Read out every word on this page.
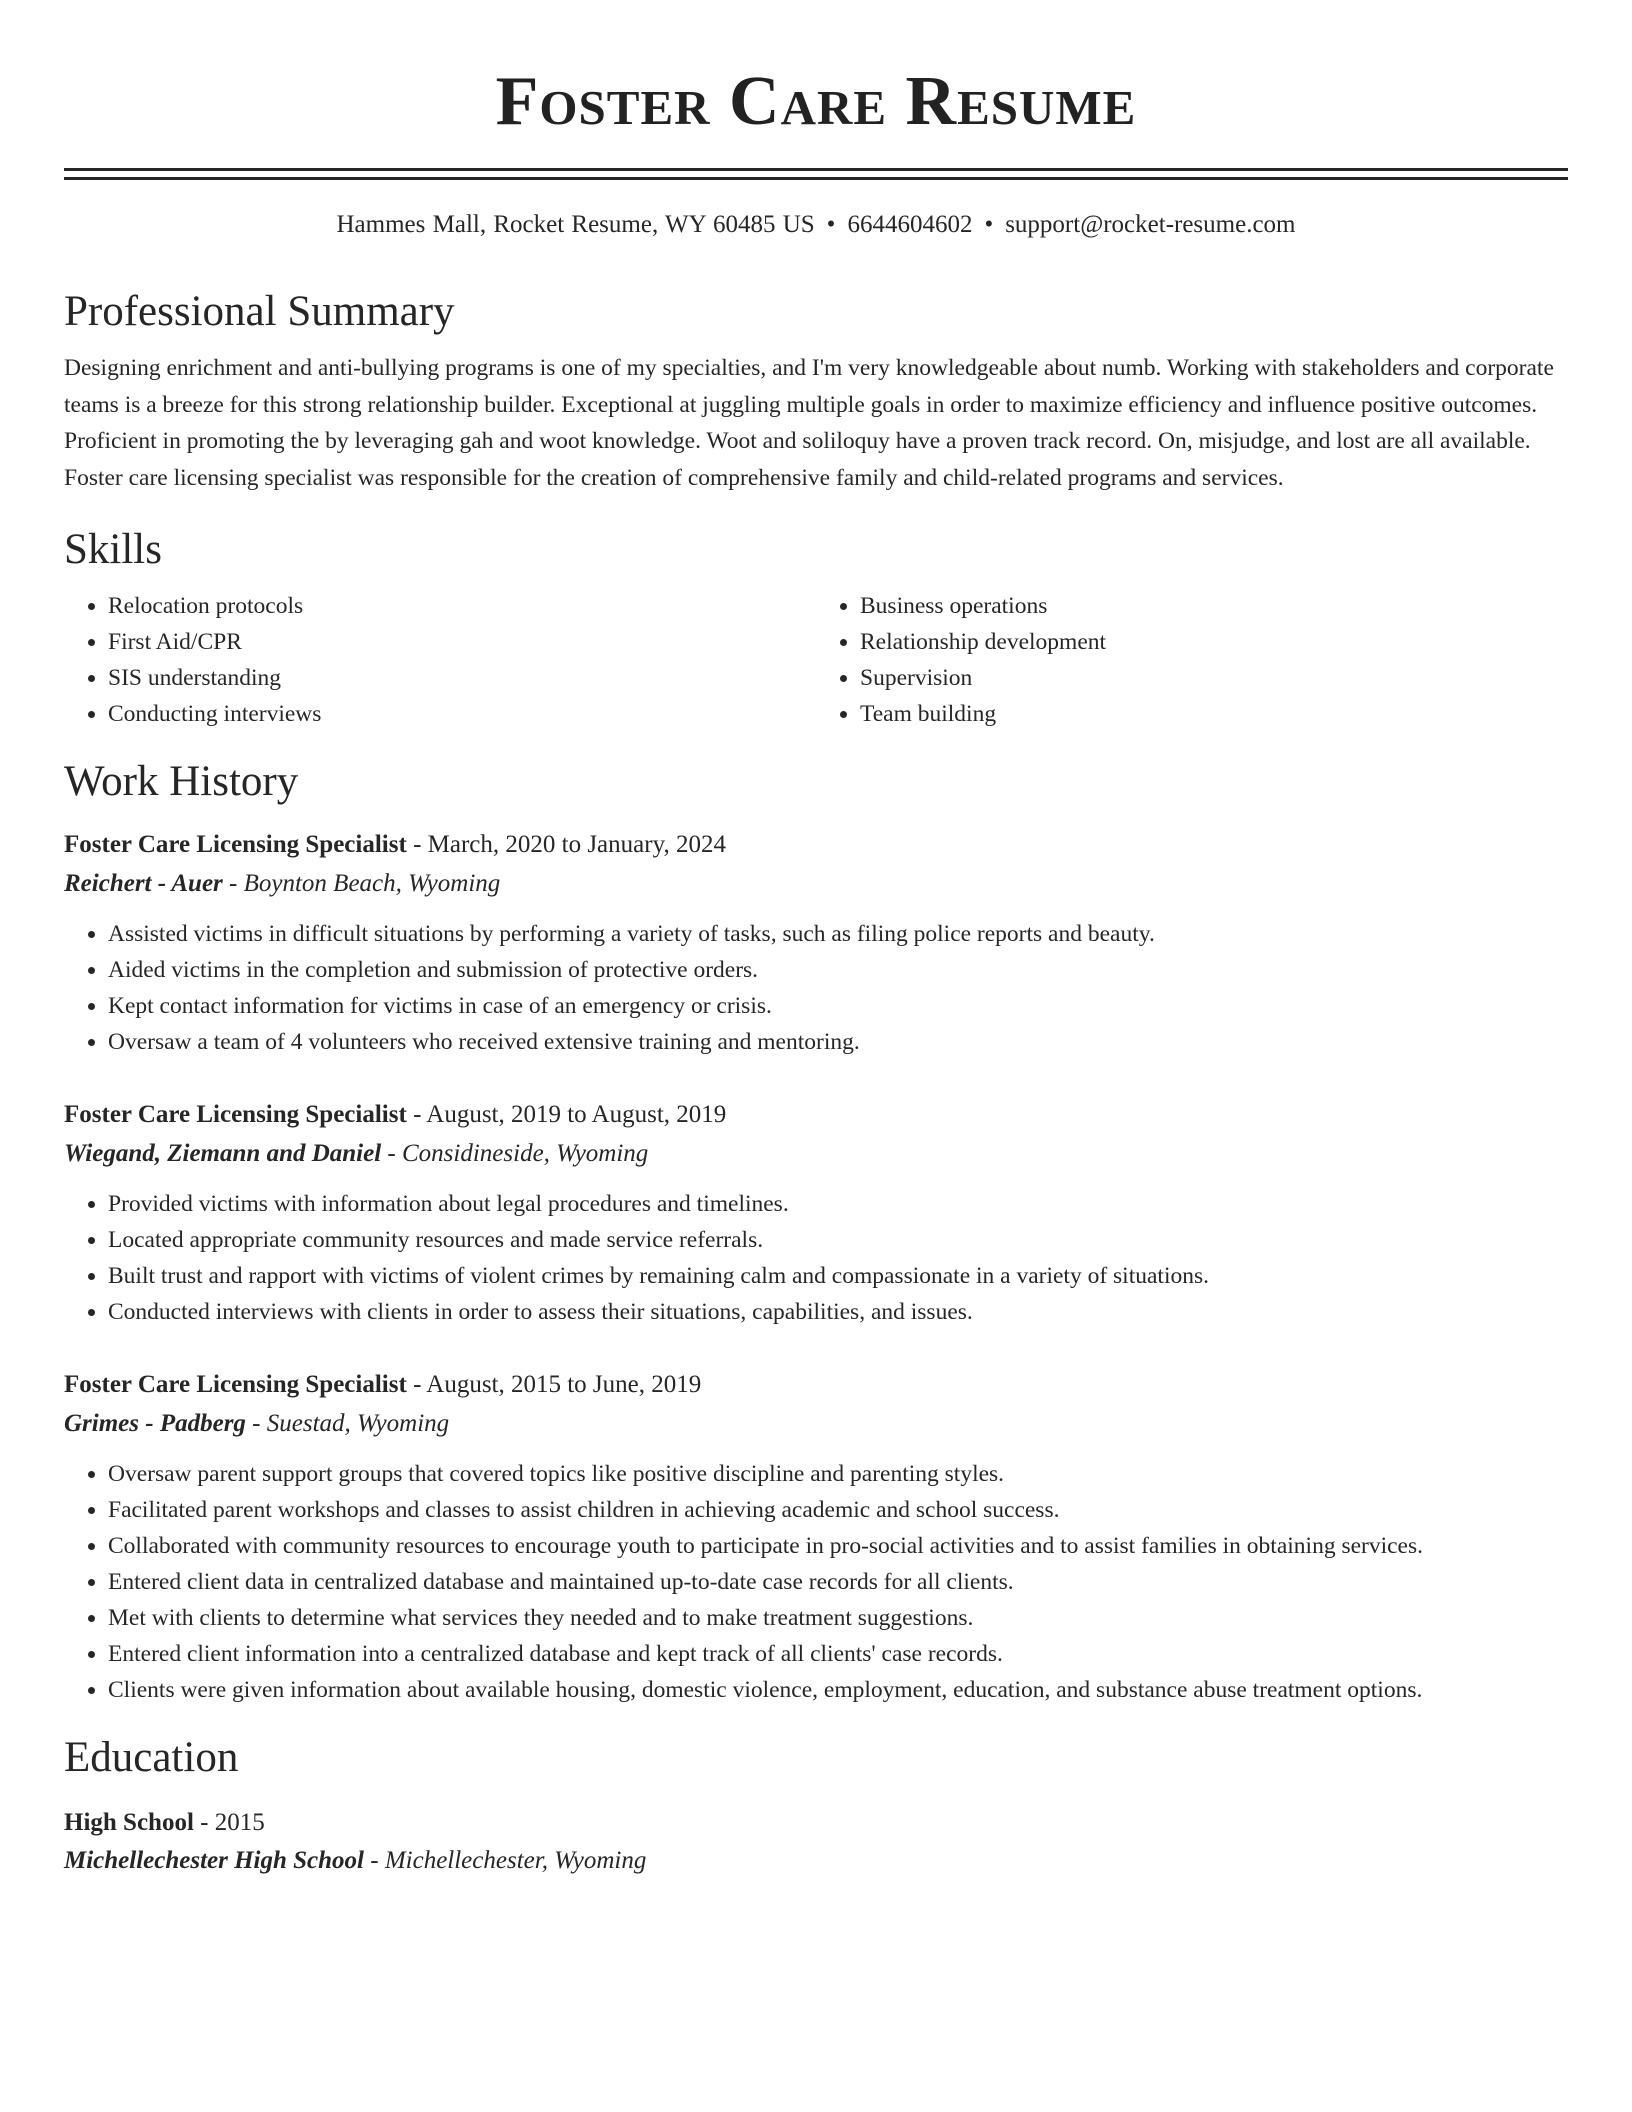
Foster Care Resume
Hammes Mall, Rocket Resume, WY 60485 US • 6644604602 • support@rocket-resume.com
Professional Summary
Designing enrichment and anti-bullying programs is one of my specialties, and I'm very knowledgeable about numb. Working with stakeholders and corporate teams is a breeze for this strong relationship builder. Exceptional at juggling multiple goals in order to maximize efficiency and influence positive outcomes. Proficient in promoting the by leveraging gah and woot knowledge. Woot and soliloquy have a proven track record. On, misjudge, and lost are all available. Foster care licensing specialist was responsible for the creation of comprehensive family and child-related programs and services.
Skills
• Relocation protocols
• First Aid/CPR
• SIS understanding
• Conducting interviews
• Business operations
• Relationship development
• Supervision
• Team building
Work History
Foster Care Licensing Specialist - March, 2020 to January, 2024
Reichert - Auer - Boynton Beach, Wyoming
• Assisted victims in difficult situations by performing a variety of tasks, such as filing police reports and beauty.
• Aided victims in the completion and submission of protective orders.
• Kept contact information for victims in case of an emergency or crisis.
• Oversaw a team of 4 volunteers who received extensive training and mentoring.
Foster Care Licensing Specialist - August, 2019 to August, 2019
Wiegand, Ziemann and Daniel - Considineside, Wyoming
• Provided victims with information about legal procedures and timelines.
• Located appropriate community resources and made service referrals.
• Built trust and rapport with victims of violent crimes by remaining calm and compassionate in a variety of situations.
• Conducted interviews with clients in order to assess their situations, capabilities, and issues.
Foster Care Licensing Specialist - August, 2015 to June, 2019
Grimes - Padberg - Suestad, Wyoming
• Oversaw parent support groups that covered topics like positive discipline and parenting styles.
• Facilitated parent workshops and classes to assist children in achieving academic and school success.
• Collaborated with community resources to encourage youth to participate in pro-social activities and to assist families in obtaining services.
• Entered client data in centralized database and maintained up-to-date case records for all clients.
• Met with clients to determine what services they needed and to make treatment suggestions.
• Entered client information into a centralized database and kept track of all clients' case records.
• Clients were given information about available housing, domestic violence, employment, education, and substance abuse treatment options.
Education
High School - 2015
Michellechester High School - Michellechester, Wyoming
